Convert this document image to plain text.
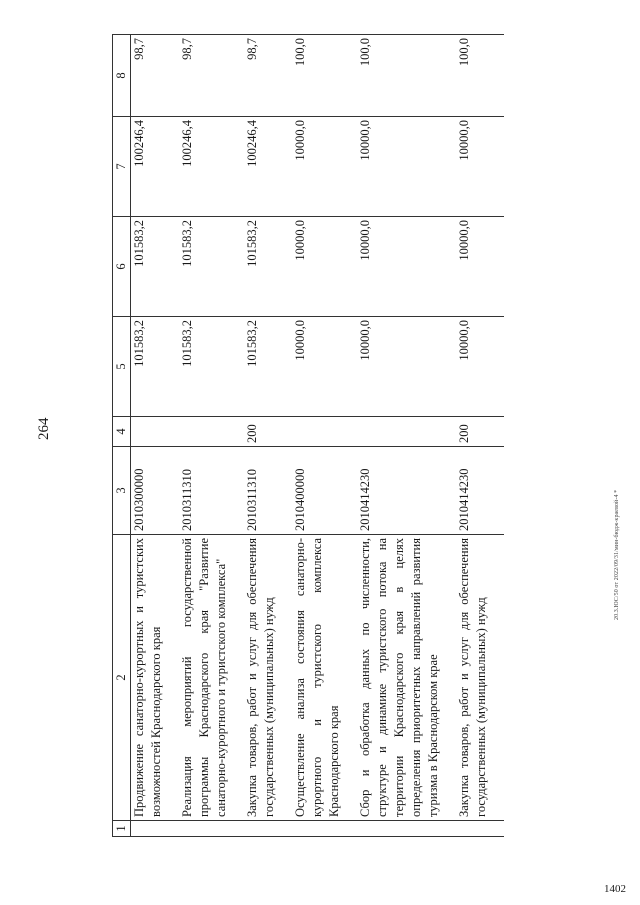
264
1402
20.3.ЮС/50 от 2022/09/31/мин-бюдж-краевой-4 *
1	2	3	4	5	6	7	8
	Продвижение санаторно-курортных и туристских возможностей Краснодарского края	2010300000		101583,2	101583,2	100246,4	98,7
	Реализация мероприятий государственной программы Краснодарского края "Развитие санаторно-курортного и туристского комплекса"	2010311310		101583,2	101583,2	100246,4	98,7
	Закупка товаров, работ и услуг для обеспечения государственных (муниципальных) нужд	2010311310	200	101583,2	101583,2	100246,4	98,7
	Осуществление анализа состояния санаторно-курортного и туристского комплекса Краснодарского края	2010400000		10000,0	10000,0	10000,0	100,0
	Сбор и обработка данных по численности, структуре и динамике туристского потока на территории Краснодарского края в целях определения приоритетных направлений развития туризма в Краснодарском крае	2010414230		10000,0	10000,0	10000,0	100,0
	Закупка товаров, работ и услуг для обеспечения государственных (муниципальных) нужд	2010414230	200	10000,0	10000,0	10000,0	100,0
